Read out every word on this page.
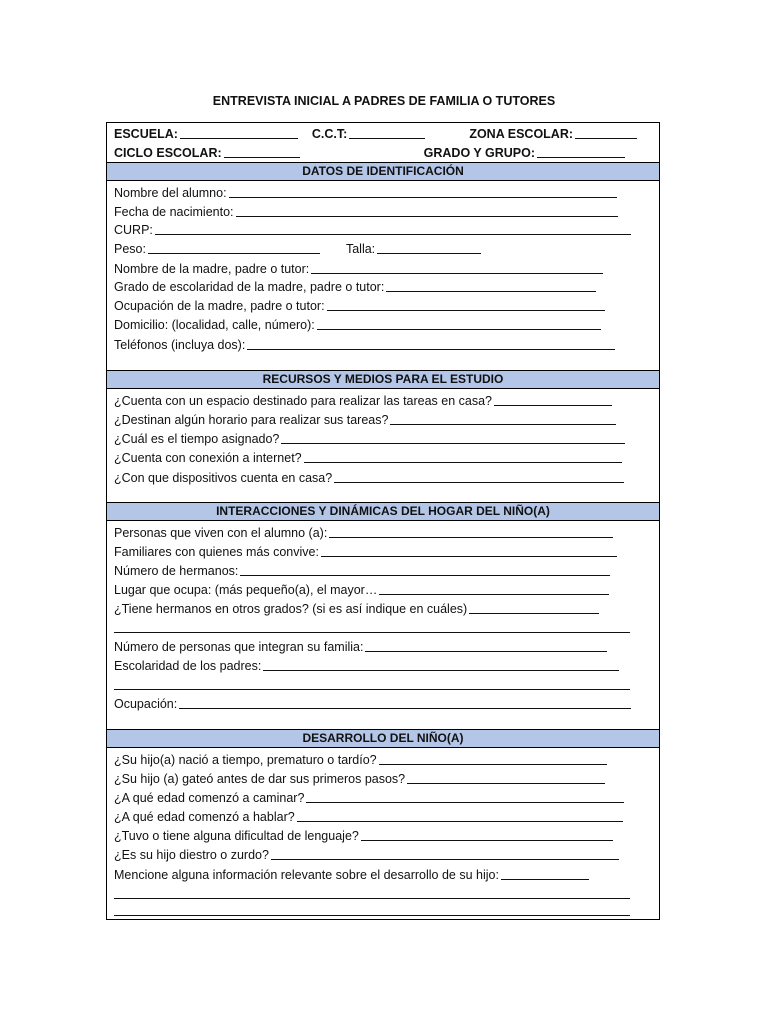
ENTREVISTA INICIAL A PADRES DE FAMILIA O TUTORES
ESCUELA:	C.C.T:	ZONA ESCOLAR:
CICLO ESCOLAR:	GRADO Y GRUPO:
DATOS DE IDENTIFICACIÓN
Nombre del alumno:
Fecha de nacimiento:
CURP:
Peso:	Talla:
Nombre de la madre, padre o tutor:
Grado de escolaridad de la madre, padre o tutor:
Ocupación de la madre, padre o tutor:
Domicilio: (localidad, calle, número):
Teléfonos (incluya dos):
RECURSOS Y MEDIOS PARA EL ESTUDIO
¿Cuenta con un espacio destinado para realizar las tareas en casa?
¿Destinan algún horario para realizar sus tareas?
¿Cuál es el tiempo asignado?
¿Cuenta con conexión a internet?
¿Con que dispositivos cuenta en casa?
INTERACCIONES Y DINÁMICAS DEL HOGAR DEL NIÑO(A)
Personas que viven con el alumno (a):
Familiares con quienes más convive:
Número de hermanos:
Lugar que ocupa: (más pequeño(a), el mayor…
¿Tiene hermanos en otros grados? (si es así indique en cuáles)
Número de personas que integran su familia:
Escolaridad de los padres:
Ocupación:
DESARROLLO DEL NIÑO(A)
¿Su hijo(a) nació a tiempo, prematuro o tardío?
¿Su hijo (a) gateó antes de dar sus primeros pasos?
¿A qué edad comenzó a caminar?
¿A qué edad comenzó a hablar?
¿Tuvo o tiene alguna dificultad de lenguaje?
¿Es su hijo diestro o zurdo?
Mencione alguna información relevante sobre el desarrollo de su hijo:
